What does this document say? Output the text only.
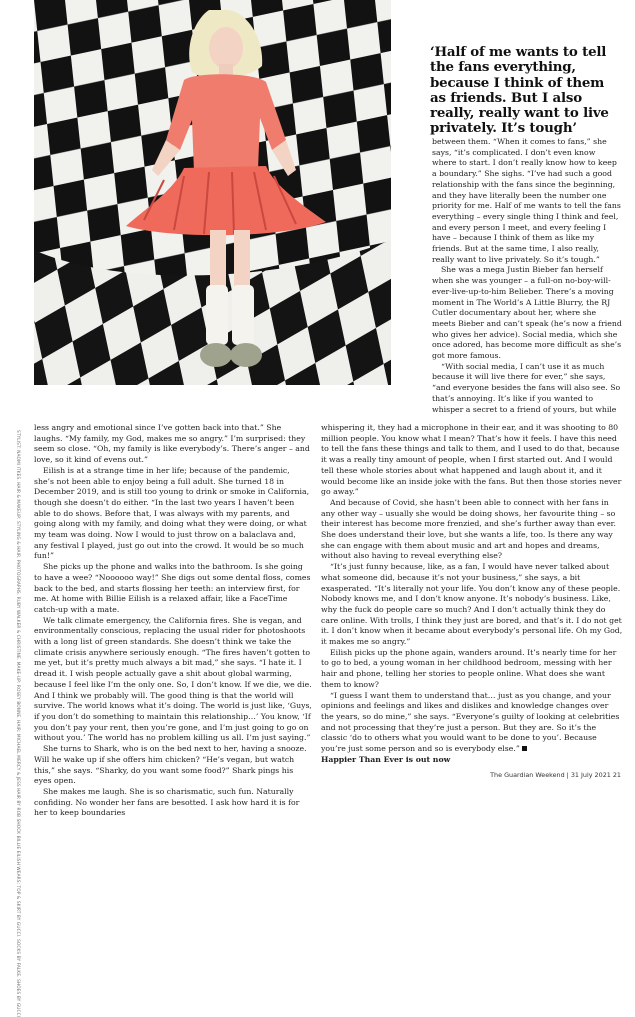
STYLIST: NAOMI ITKES. HAIR & MAKEUP: STYLING & HAIR. PHOTOGRAPHS. RUBY WALKER & CHRISTINE. MAKE-UP: ROSEY BONNE. HAIR: MICHAEL MERCY & JESS HAIR BY ROB SHOCK BILLIE EILISH WEARS: TOP & SKIRT BY GUCCI. SOCKS BY FALKE. SHOES BY GUCCI
‘Half of me wants to tell the fans everything, because I think of them as friends. But I also really, really want to live privately. It’s tough’

between them. “When it comes to fans,” she says, “it’s complicated. I don’t even know where to start. I don’t really know how to keep a boundary.” She sighs. “I’ve had such a good relationship with the fans since the beginning, and they have literally been the number one priority for me. Half of me wants to tell the fans everything – every single thing I think and feel, and every person I meet, and every feeling I have – because I think of them as like my friends. But at the same time, I also really, really want to live privately. So it’s tough.”

She was a mega Justin Bieber fan herself when she was younger – a full-on no-boy-will-ever-live-up-to-him Belieber. There’s a moving moment in The World’s A Little Blurry, the RJ Cutler documentary about her, where she meets Bieber and can’t speak (he’s now a friend who gives her advice). Social media, which she once adored, has become more difficult as she’s got more famous.

“With social media, I can’t use it as much because it will live there for ever,” she says, “and everyone besides the fans will also see. So that’s annoying. It’s like if you wanted to whisper a secret to a friend of yours, but while

less angry and emotional since I’ve gotten back into that.” She laughs. “My family, my God, makes me so angry.” I’m surprised: they seem so close. “Oh, my family is like everybody’s. There’s anger – and love, so it kind of evens out.”

Eilish is at a strange time in her life; because of the pandemic, she’s not been able to enjoy being a full adult. She turned 18 in December 2019, and is still too young to drink or smoke in California, though she doesn’t do either. “In the last two years I haven’t been able to do shows. Before that, I was always with my parents, and going along with my family, and doing what they were doing, or what my team was doing. Now I would to just throw on a balaclava and, any festival I played, just go out into the crowd. It would be so much fun!”

She picks up the phone and walks into the bathroom. Is she going to have a wee? “Noooooo way!” She digs out some dental floss, comes back to the bed, and starts flossing her teeth: an interview first, for me. At home with Billie Eilish is a relaxed affair, like a FaceTime catch-up with a mate.

We talk climate emergency, the California fires. She is vegan, and environmentally conscious, replacing the usual rider for photoshoots with a long list of green standards. She doesn’t think we take the climate crisis anywhere seriously enough. “The fires haven’t gotten to me yet, but it’s pretty much always a bit mad,” she says. “I hate it. I dread it. I wish people actually gave a shit about global warming, because I feel like I’m the only one. So, I don’t know. If we die, we die. And I think we probably will. The good thing is that the world will survive. The world knows what it’s doing. The world is just like, ‘Guys, if you don’t do something to maintain this relationship…’ You know, ‘If you don’t pay your rent, then you’re gone, and I’m just going to go on without you.’ The world has no problem killing us all. I’m just saying.”

She turns to Shark, who is on the bed next to her, having a snooze. Will he wake up if she offers him chicken? “He’s vegan, but watch this,” she says. “Sharky, do you want some food?” Shark pings his eyes open.

She makes me laugh. She is so charismatic, such fun. Naturally confiding. No wonder her fans are besotted. I ask how hard it is for her to keep boundaries

whispering it, they had a microphone in their ear, and it was shooting to 80 million people. You know what I mean? That’s how it feels. I have this need to tell the fans these things and talk to them, and I used to do that, because it was a really tiny amount of people, when I first started out. And I would tell these whole stories about what happened and laugh about it, and it would become like an inside joke with the fans. But then those stories never go away.”

And because of Covid, she hasn’t been able to connect with her fans in any other way – usually she would be doing shows, her favourite thing – so their interest has become more frenzied, and she’s further away than ever. She does understand their love, but she wants a life, too. Is there any way she can engage with them about music and art and hopes and dreams, without also having to reveal everything else?

“It’s just funny because, like, as a fan, I would have never talked about what someone did, because it’s not your business,” she says, a bit exasperated. “It’s literally not your life. You don’t know any of these people. Nobody knows me, and I don’t know anyone. It’s nobody’s business. Like, why the fuck do people care so much? And I don’t actually think they do care online. With trolls, I think they just are bored, and that’s it. I do not get it. I don’t know when it became about everybody’s personal life. Oh my God, it makes me so angry.”

Eilish picks up the phone again, wanders around. It’s nearly time for her to go to bed, a young woman in her childhood bedroom, messing with her hair and phone, telling her stories to people online. What does she want them to know?

“I guess I want them to understand that… just as you change, and your opinions and feelings and likes and dislikes and knowledge changes over the years, so do mine,” she says. “Everyone’s guilty of looking at celebrities and not processing that they’re just a person. But they are. So it’s the classic ‘do to others what you would want to be done to you’. Because you’re just some person and so is everybody else.”

Happier Than Ever is out now

The Guardian Weekend | 31 July 2021 21
